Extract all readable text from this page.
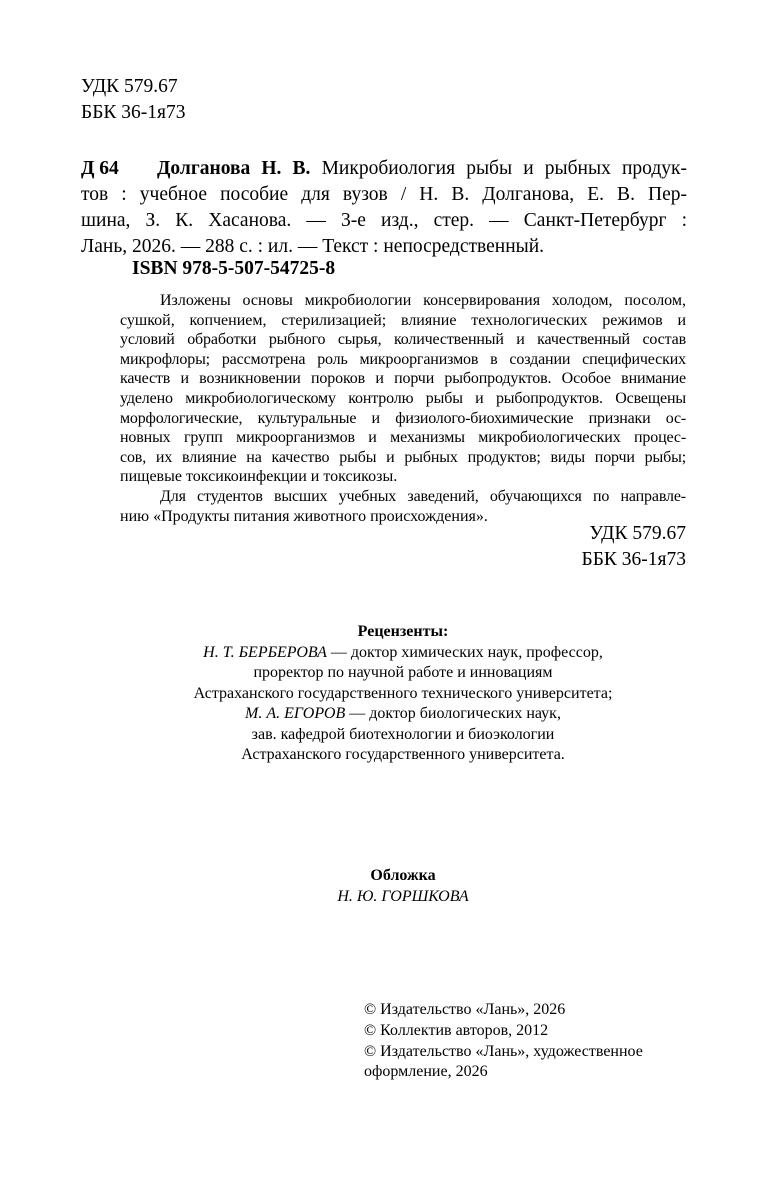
УДК 579.67
ББК 36-1я73
Д 64	Долганова Н. В. Микробиология рыбы и рыбных продук-

тов : учебное пособие для вузов / Н. В. Долганова, Е. В. Пер-

шина, З. К. Хасанова. — 3-е изд., стер. — Санкт-Петербург :

Лань, 2026. — 288 с. : ил. — Текст : непосредственный.

ISBN 978-5-507-54725-8
Изложены основы микробиологии консервирования холодом, посолом,
сушкой, копчением, стерилизацией; влияние технологических режимов и
условий обработки рыбного сырья, количественный и качественный состав
микрофлоры; рассмотрена роль микроорганизмов в создании специфических
качеств и возникновении пороков и порчи рыбопродуктов. Особое внимание
уделено микробиологическому контролю рыбы и рыбопродуктов. Освещены
морфологические, культуральные и физиолого-биохимические признаки ос-
новных групп микроорганизмов и механизмы микробиологических процес-
сов, их влияние на качество рыбы и рыбных продуктов; виды порчи рыбы;
пищевые токсикоинфекции и токсикозы.
Для студентов высших учебных заведений, обучающихся по направле-
нию «Продукты питания животного происхождения».
УДК 579.67
ББК 36-1я73
Рецензенты:
Н. Т. БЕРБЕРОВА — доктор химических наук, профессор,
проректор по научной работе и инновациям
Астраханского государственного технического университета;
М. А. ЕГОРОВ — доктор биологических наук,
зав. кафедрой биотехнологии и биоэкологии
Астраханского государственного университета.
Обложка
Н. Ю. ГОРШКОВА
© Издательство «Лань», 2026
© Коллектив авторов, 2012
© Издательство «Лань», художественное
оформление, 2026
